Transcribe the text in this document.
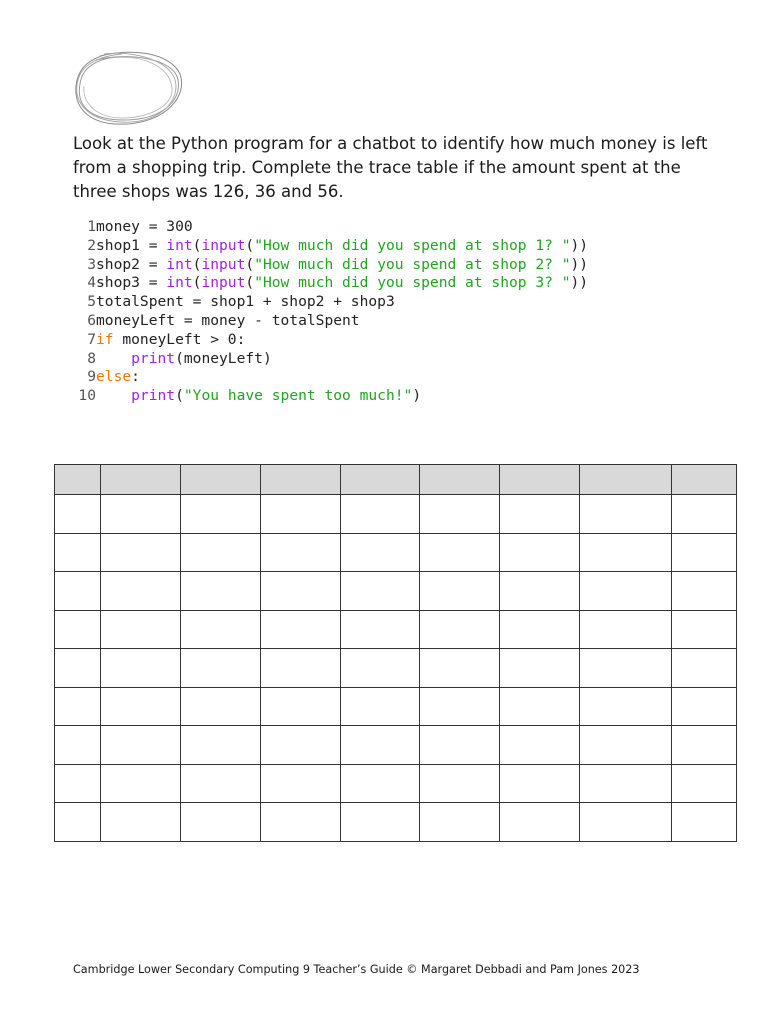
Look at the Python program for a chatbot to identify how much money is left from a shopping trip. Complete the trace table if the amount spent at the three shops was 126, 36 and 56.

1 money = 300
2 shop1 = int(input("How much did you spend at shop 1? "))
3 shop2 = int(input("How much did you spend at shop 2? "))
4 shop3 = int(input("How much did you spend at shop 3? "))
5 totalSpent = shop1 + shop2 + shop3
6 moneyLeft = money - totalSpent
7 if moneyLeft > 0:
8	print(moneyLeft)
9 else:
10	print("You have spent too much!")

Cambridge Lower Secondary Computing 9 Teacher’s Guide © Margaret Debbadi and Pam Jones 2023
